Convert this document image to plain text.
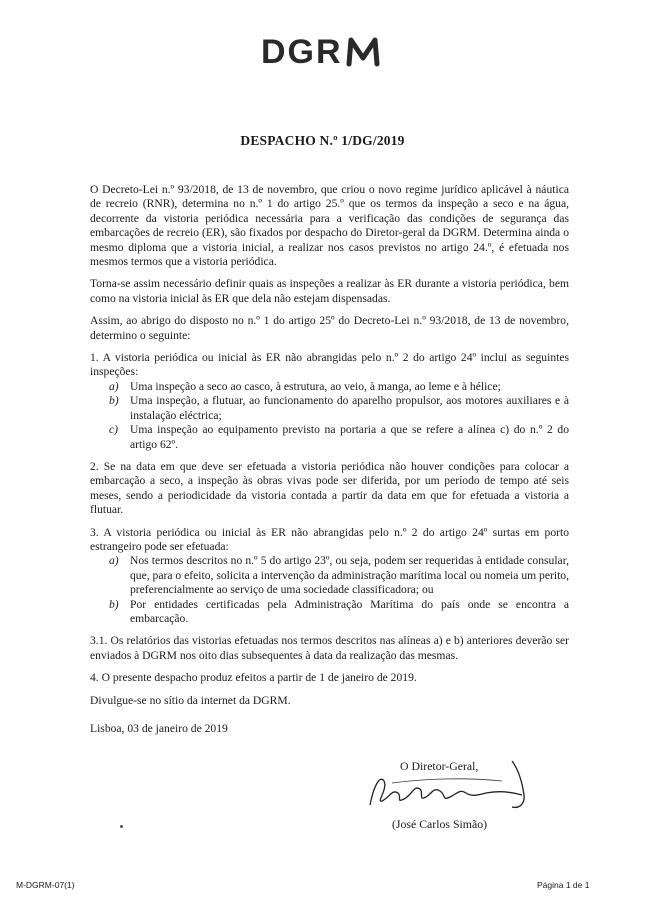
DGR
DESPACHO N.º 1/DG/2019

O Decreto-Lei n.º 93/2018, de 13 de novembro, que criou o novo regime jurídico aplicável à náutica de recreio (RNR), determina no n.º 1 do artigo 25.º que os termos da inspeção a seco e na água, decorrente da vistoria periódica necessária para a verificação das condições de segurança das embarcações de recreio (ER), são fixados por despacho do Diretor-geral da DGRM. Determina ainda o mesmo diploma que a vistoria inicial, a realizar nos casos previstos no artigo 24.º, é efetuada nos mesmos termos que a vistoria periódica.

Torna-se assim necessário definir quais as inspeções a realizar às ER durante a vistoria periódica, bem como na vistoria inicial às ER que dela não estejam dispensadas.

Assim, ao abrigo do disposto no n.º 1 do artigo 25º do Decreto-Lei n.º 93/2018, de 13 de novembro, determino o seguinte:

1. A vistoria periódica ou inicial às ER não abrangidas pelo n.º 2 do artigo 24º inclui as seguintes inspeções:

a) Uma inspeção a seco ao casco, à estrutura, ao veio, à manga, ao leme e à hélice;
b) Uma inspeção, a flutuar, ao funcionamento do aparelho propulsor, aos motores auxiliares e à instalação eléctrica;
c)	Uma inspeção ao equipamento previsto na portaria a que se refere a alínea c) do n.º 2 do artigo 62º.

2. Se na data em que deve ser efetuada a vistoria periódica não houver condições para colocar a embarcação a seco, a inspeção às obras vivas pode ser diferida, por um período de tempo até seis meses, sendo a periodicidade da vistoria contada a partir da data em que for efetuada a vistoria a flutuar.

3. A vistoria periódica ou inicial às ER não abrangidas pelo n.º 2 do artigo 24º surtas em porto estrangeiro pode ser efetuada:

a) Nos termos descritos no n.º 5 do artigo 23º, ou seja, podem ser requeridas à entidade consular, que, para o efeito, solicita a intervenção da administração marítima local ou nomeia um perito, preferencialmente ao serviço de uma sociedade classificadora; ou
b) Por entidades certificadas pela Administração Marítima do país onde se encontra a embarcação.

3.1. Os relatórios das vistorias efetuadas nos termos descritos nas alíneas a) e b) anteriores deverão ser enviados à DGRM nos oito dias subsequentes à data da realização das mesmas.

4. O presente despacho produz efeitos a partir de 1 de janeiro de 2019.

Divulgue-se no sítio da internet da DGRM.

Lisboa, 03 de janeiro de 2019

O Diretor-Geral,
(José Carlos Simão)
M-DGRM-07(1)	Página 1 de 1
